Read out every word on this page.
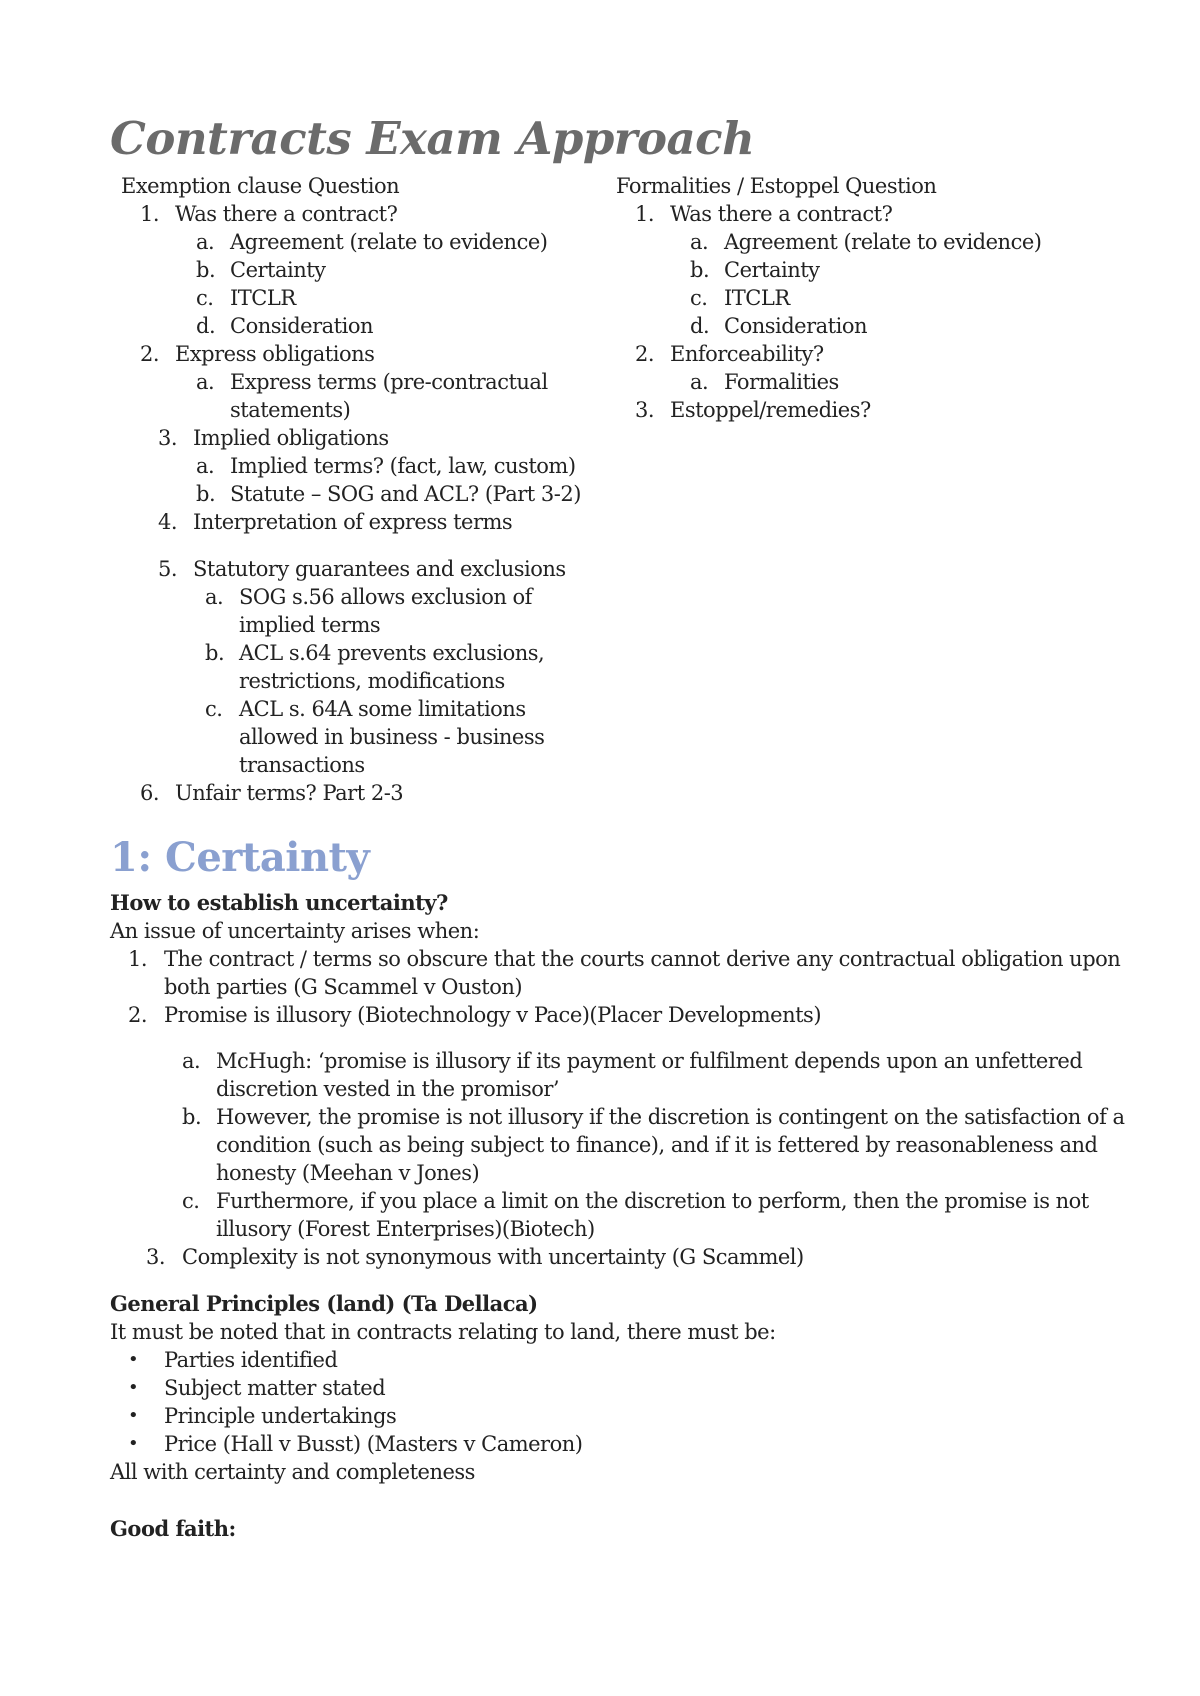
Contracts Exam Approach
Exemption clause Question
1. Was there a contract?
a. Agreement (relate to evidence)
b. Certainty
c. ITCLR
d. Consideration
2. Express obligations
a. Express terms (pre-contractual
statements)
3. Implied obligations
a. Implied terms? (fact, law, custom)
b. Statute – SOG and ACL? (Part 3-2)
4. Interpretation of express terms
5. Statutory guarantees and exclusions
a. SOG s.56 allows exclusion of
implied terms
b. ACL s.64 prevents exclusions,
restrictions, modifications
c. ACL s. 64A some limitations
allowed in business - business
transactions
6. Unfair terms? Part 2-3
Formalities / Estoppel Question
1. Was there a contract?
a. Agreement (relate to evidence)
b. Certainty
c. ITCLR
d. Consideration
2. Enforceability?
a. Formalities
3. Estoppel/remedies?
1: Certainty
How to establish uncertainty?
An issue of uncertainty arises when:
1. The contract / terms so obscure that the courts cannot derive any contractual obligation upon
both parties (G Scammel v Ouston)
2. Promise is illusory (Biotechnology v Pace)(Placer Developments)
a. McHugh: ‘promise is illusory if its payment or fulfilment depends upon an unfettered
discretion vested in the promisor’
b. However, the promise is not illusory if the discretion is contingent on the satisfaction of a
condition (such as being subject to finance), and if it is fettered by reasonableness and
honesty (Meehan v Jones)
c. Furthermore, if you place a limit on the discretion to perform, then the promise is not
illusory (Forest Enterprises)(Biotech)
3. Complexity is not synonymous with uncertainty (G Scammel)
General Principles (land) (Ta Dellaca)
It must be noted that in contracts relating to land, there must be:
• Parties identified
• Subject matter stated
• Principle undertakings
• Price (Hall v Busst) (Masters v Cameron)
All with certainty and completeness
Good faith:
